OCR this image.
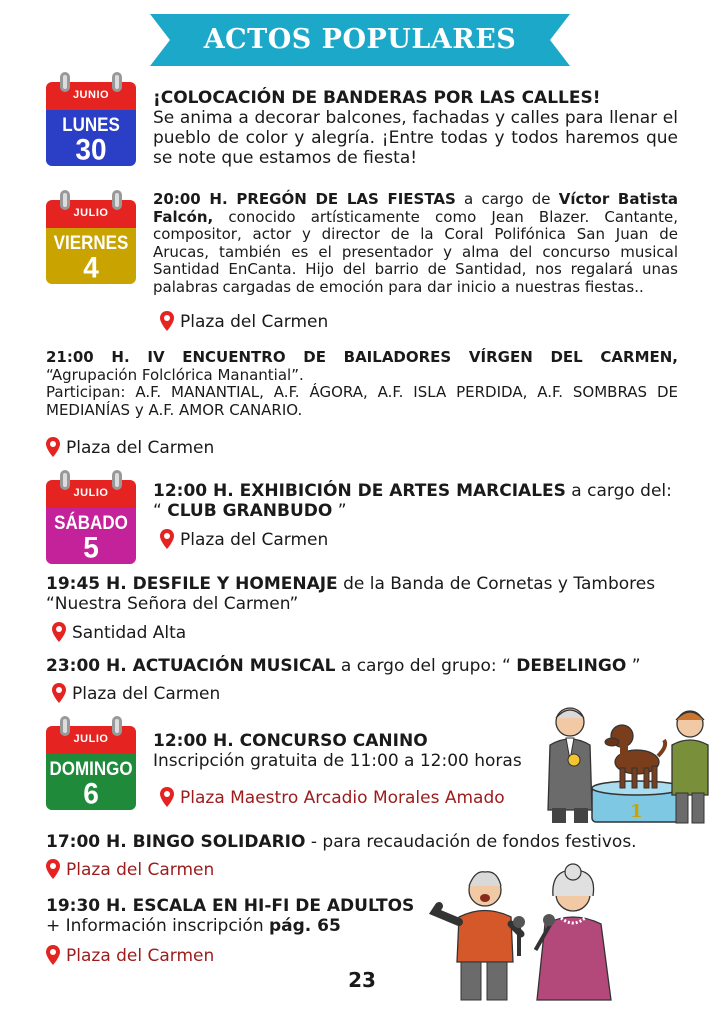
ACTOS POPULARES
JUNIO
LUNES
30
¡COLOCACIÓN DE BANDERAS POR LAS CALLES!
Se anima a decorar balcones, fachadas y calles para llenar el pueblo de color y alegría. ¡Entre todas y todos haremos que se note que estamos de fiesta!
JULIO
VIERNES
4
20:00 H. PREGÓN DE LAS FIESTAS a cargo de Víctor Batista Falcón, conocido artísticamente como Jean Blazer. Cantante, compositor, actor y director de la Coral Polifónica San Juan de Arucas, también es el presentador y alma del concurso musical Santidad EnCanta. Hijo del barrio de Santidad, nos regalará unas palabras cargadas de emoción para dar inicio a nuestras fiestas..
Plaza del Carmen
21:00 H. IV ENCUENTRO DE BAILADORES VÍRGEN DEL CARMEN,
“Agrupación Folclórica Manantial”.
Participan: A.F. MANANTIAL, A.F. ÁGORA, A.F. ISLA PERDIDA, A.F. SOMBRAS DE MEDIANÍAS y A.F. AMOR CANARIO.
Plaza del Carmen
JULIO
SÁBADO
5
12:00 H. EXHIBICIÓN DE ARTES MARCIALES a cargo del:
“ CLUB GRANBUDO ”
Plaza del Carmen
19:45 H. DESFILE Y HOMENAJE de la Banda de Cornetas y Tambores “Nuestra Señora del Carmen”
Santidad Alta
23:00 H. ACTUACIÓN MUSICAL a cargo del grupo: “ DEBELINGO ”
Plaza del Carmen
JULIO
DOMINGO
6
12:00 H. CONCURSO CANINO
Inscripción gratuita de 11:00 a 12:00 horas
Plaza Maestro Arcadio Morales Amado
1
17:00 H. BINGO SOLIDARIO - para recaudación de fondos festivos.
Plaza del Carmen
19:30 H. ESCALA EN HI-FI DE ADULTOS
+ Información inscripción pág. 65
Plaza del Carmen
23
